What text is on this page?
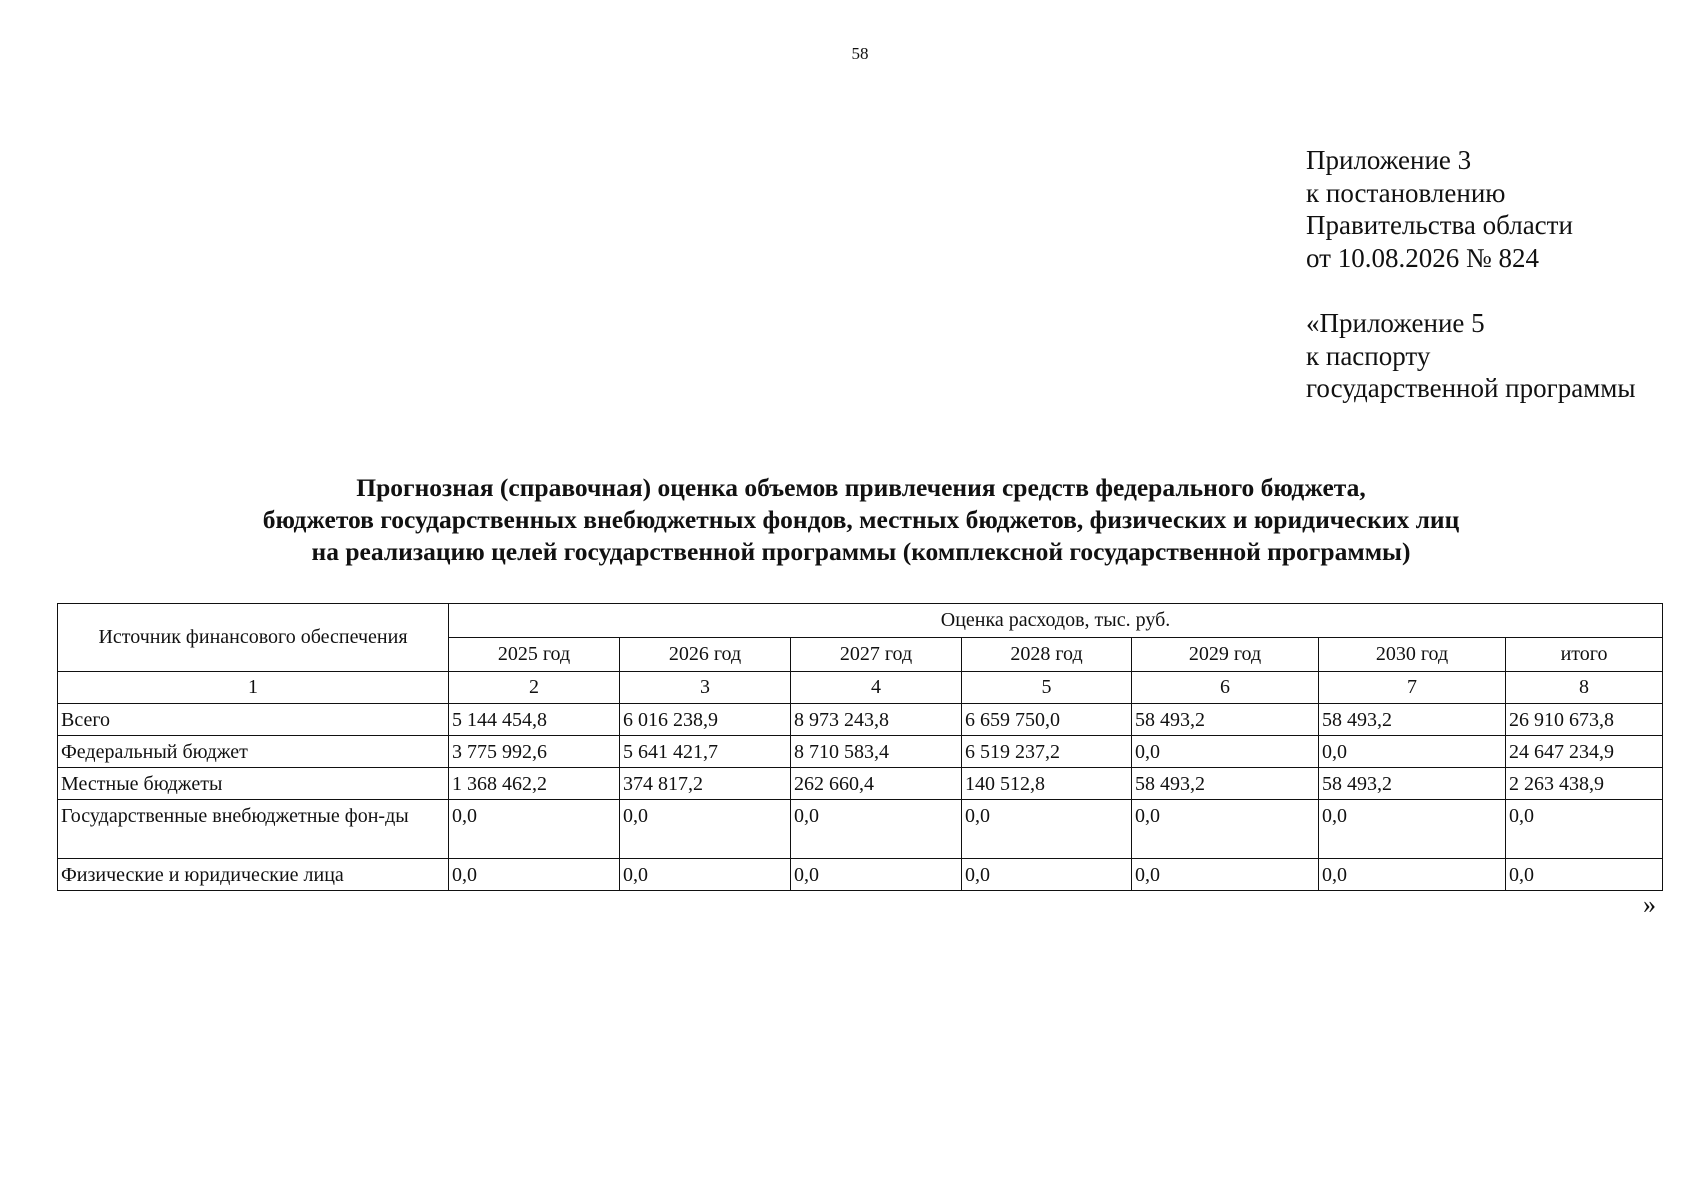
58
Приложение 3
к постановлению
Правительства области
от 10.08.2026 № 824
«Приложение 5
к паспорту
государственной программы
Прогнозная (справочная) оценка объемов привлечения средств федерального бюджета,
бюджетов государственных внебюджетных фондов, местных бюджетов, физических и юридических лиц
на реализацию целей государственной программы (комплексной государственной программы)
Источник финансового обеспечения	Оценка расходов, тыс. руб.						
	2025 год	2026 год	2027 год	2028 год	2029 год	2030 год	итого
1	2	3	4	5	6	7	8
Всего	5 144 454,8	6 016 238,9	8 973 243,8	6 659 750,0	58 493,2	58 493,2	26 910 673,8
Федеральный бюджет	3 775 992,6	5 641 421,7	8 710 583,4	6 519 237,2	0,0	0,0	24 647 234,9
Местные бюджеты	1 368 462,2	374 817,2	262 660,4	140 512,8	58 493,2	58 493,2	2 263 438,9
Государственные внебюджетные фон-ды	0,0	0,0	0,0	0,0	0,0	0,0	0,0
Физические и юридические лица	0,0	0,0	0,0	0,0	0,0	0,0	0,0
»
